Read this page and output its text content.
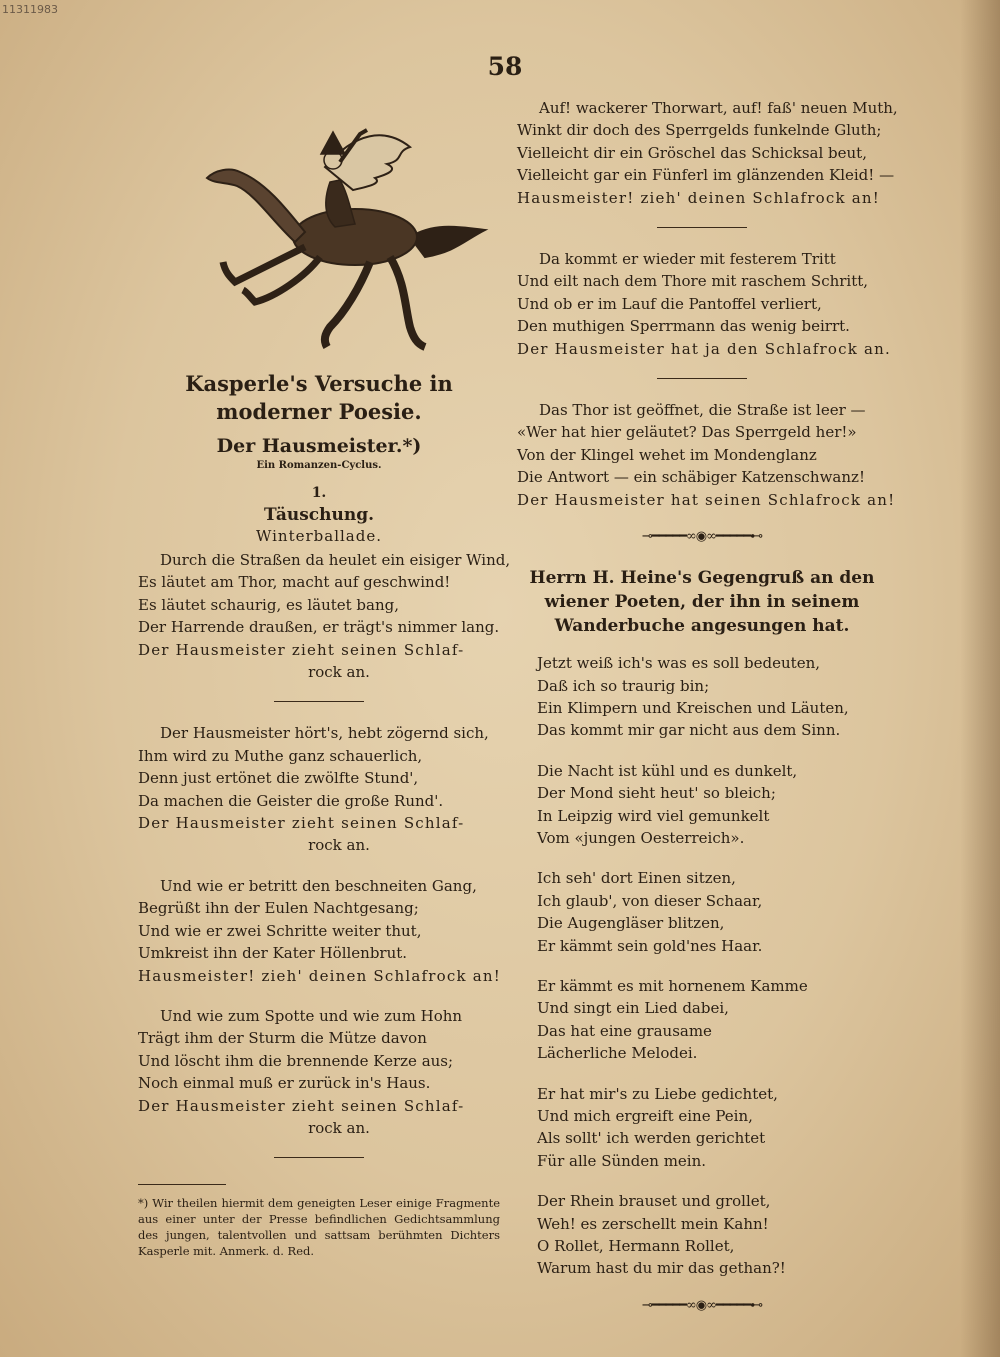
11311983
58
Kasperle's Versuche in moderner Poesie.
Der Hausmeister.*)
Ein Romanzen-Cyclus.
1.
Täuschung.
Winterballade.
Durch die Straßen da heulet ein eisiger Wind,
Es läutet am Thor, macht auf geschwind!
Es läutet schaurig, es läutet bang,
Der Harrende draußen, er trägt's nimmer lang.
Der Hausmeister zieht seinen Schlaf-
rock an.
Der Hausmeister hört's, hebt zögernd sich,
Ihm wird zu Muthe ganz schauerlich,
Denn just ertönet die zwölfte Stund',
Da machen die Geister die große Rund'.
Der Hausmeister zieht seinen Schlaf-
rock an.
Und wie er betritt den beschneiten Gang,
Begrüßt ihn der Eulen Nachtgesang;
Und wie er zwei Schritte weiter thut,
Umkreist ihn der Kater Höllenbrut.
Hausmeister! zieh' deinen Schlafrock an!
Und wie zum Spotte und wie zum Hohn
Trägt ihm der Sturm die Mütze davon
Und löscht ihm die brennende Kerze aus;
Noch einmal muß er zurück in's Haus.
Der Hausmeister zieht seinen Schlaf-
rock an.
*) Wir theilen hiermit dem geneigten Leser einige Fragmente aus einer unter der Presse befindlichen Gedichtsammlung des jungen, talentvollen und sattsam berühmten Dichters Kasperle mit. Anmerk. d. Red.
Auf! wackerer Thorwart, auf! faß' neuen Muth,
Winkt dir doch des Sperrgelds funkelnde Gluth;
Vielleicht dir ein Gröschel das Schicksal beut,
Vielleicht gar ein Fünferl im glänzenden Kleid! —
Hausmeister! zieh' deinen Schlafrock an!
Da kommt er wieder mit festerem Tritt
Und eilt nach dem Thore mit raschem Schritt,
Und ob er im Lauf die Pantoffel verliert,
Den muthigen Sperrmann das wenig beirrt.
Der Hausmeister hat ja den Schlafrock an.
Das Thor ist geöffnet, die Straße ist leer —
«Wer hat hier geläutet? Das Sperrgeld her!»
Von der Klingel wehet im Mondenglanz
Die Antwort — ein schäbiger Katzenschwanz!
Der Hausmeister hat seinen Schlafrock an!
⊸━━━━━∞◉∞━━━━━⊷
Herrn H. Heine's Gegengruß an den wiener Poeten, der ihn in seinem Wanderbuche angesungen hat.
Jetzt weiß ich's was es soll bedeuten,
Daß ich so traurig bin;
Ein Klimpern und Kreischen und Läuten,
Das kommt mir gar nicht aus dem Sinn.
Die Nacht ist kühl und es dunkelt,
Der Mond sieht heut' so bleich;
In Leipzig wird viel gemunkelt
Vom «jungen Oesterreich».
Ich seh' dort Einen sitzen,
Ich glaub', von dieser Schaar,
Die Augengläser blitzen,
Er kämmt sein gold'nes Haar.
Er kämmt es mit hornenem Kamme
Und singt ein Lied dabei,
Das hat eine grausame
Lächerliche Melodei.
Er hat mir's zu Liebe gedichtet,
Und mich ergreift eine Pein,
Als sollt' ich werden gerichtet
Für alle Sünden mein.
Der Rhein brauset und grollet,
Weh! es zerschellt mein Kahn!
O Rollet, Hermann Rollet,
Warum hast du mir das gethan?!
⊸━━━━━∞◉∞━━━━━⊷
